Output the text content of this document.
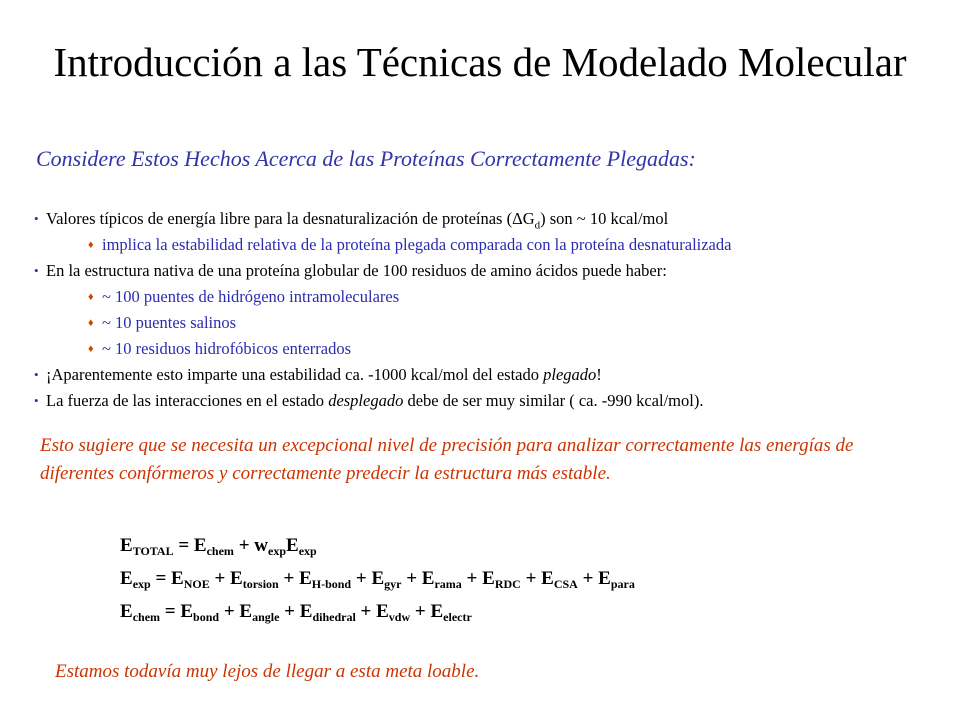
Introducción a las Técnicas de Modelado Molecular
Considere Estos Hechos Acerca de las Proteínas Correctamente Plegadas:
• Valores típicos de energía libre para la desnaturalización de proteínas $(\Delta G_d)$ son ~ 10 kcal/mol
♦ implica la estabilidad relativa de la proteína plegada comparada con la proteína desnaturalizada
• En la estructura nativa de una proteína globular de 100 residuos de amino ácidos puede haber:
♦ ~ 100 puentes de hidrógeno intramoleculares
♦ ~ 10 puentes salinos
♦ ~ 10 residuos hidrofóbicos enterrados
• ¡Aparentemente esto imparte una estabilidad ca. -1000 kcal/mol del estado plegado!
• La fuerza de las interacciones en el estado desplegado debe de ser muy similar ( ca. -990 kcal/mol).
Esto sugiere que se necesita un excepcional nivel de precisión para analizar correctamente las energías de diferentes confórmeros y correctamente predecir la estructura más estable.
$E_{TOTAL} = E_{chem} + w_{exp}E_{exp}$
$E_{exp} = E_{NOE} + E_{torsion} + E_{H-bond} + E_{gyr} + E_{rama} + E_{RDC} + E_{CSA} + E_{para}$
$E_{chem} = E_{bond} + E_{angle} + E_{dihedral} + E_{vdw} + E_{electr}$
Estamos todavía muy lejos de llegar a esta meta loable.
